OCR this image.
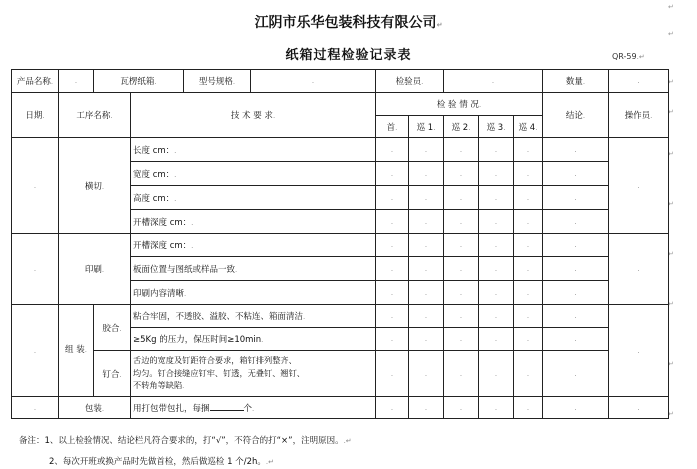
江阴市乐华包装科技有限公司↵
纸箱过程检验记录表	QR-59.↵
↵
↵
↵
↵
↵
↵
↵
↵
↵
↵
产品名称.	.	瓦楞纸箱.		型号规格.	.	检验员.		.			数量.	.
日期.	工序名称.		技 术 要 求.			检 验 情 况.					结论.	操作员.
						首.	巡 1.	巡 2.	巡 3.	巡 4.		
.	横切.		长度 cm：.			.	.	.	.	.	.	.
			宽度 cm：.			.	.	.	.	.	.	
			高度 cm：.			.	.	.	.	.	.	
			开槽深度 cm：.			.	.	.	.	.	.	
.	印刷.		开槽深度 cm：.			.	.	.	.	.	.	.
			板面位置与图纸或样品一致.			.	.	.	.	.	.	
			印刷内容清晰.			.	.	.	.	.	.	
.	组 装.	胶合.	粘合牢固，不透胶、溢胶、不粘连、箱面清洁.			.	.	.	.	.	.	.
			≥5Kg 的压力，保压时间≥10min.			.	.	.	.	.	.	
		钉合.	舌边的宽度及钉距符合要求，箱钉排列整齐、
均匀。钉合接缝应钉牢、钉透，无叠钉、翘钉、
不转角等缺陷.			.	.	.	.	.	.	
.	包装.		用打包带包扎，每捆 个.			.	.	.	.	.	.	.
备注：1、以上检验情况、结论栏凡符合要求的，打“√”，不符合的打“×”，注明原因。.↵
2、每次开班或换产品时先做首检，然后做巡检 1 个/2h。.↵
